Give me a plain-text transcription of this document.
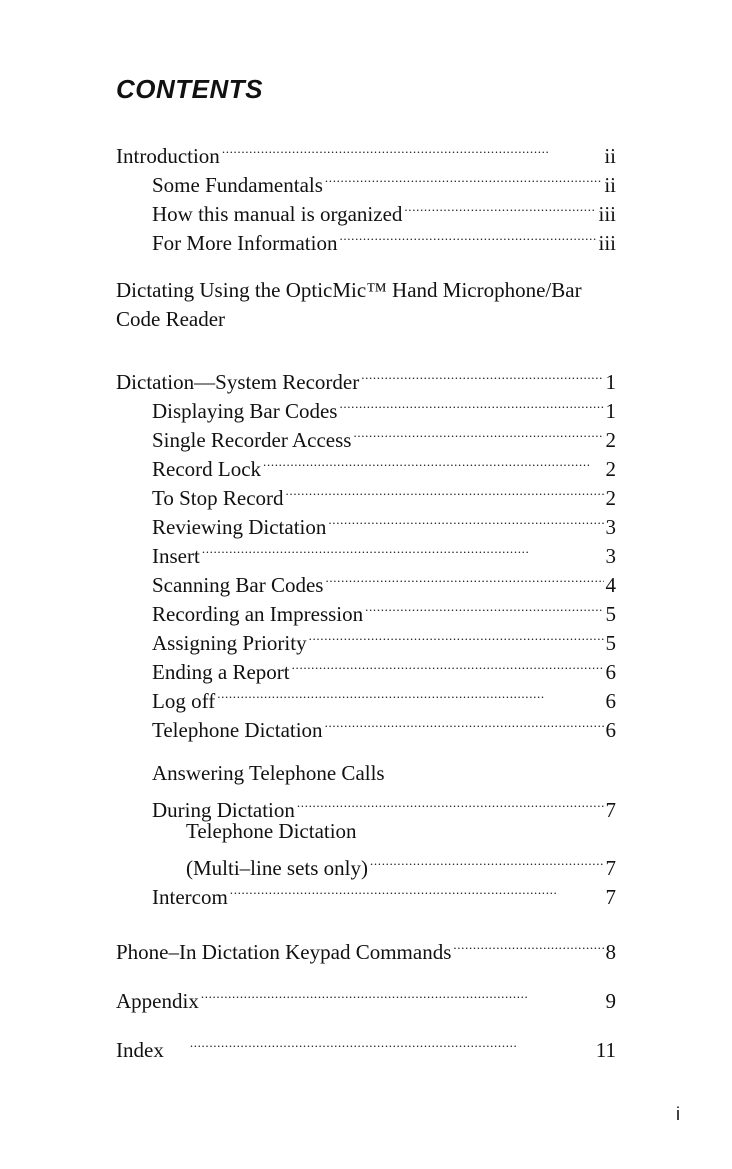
CONTENTS
Introduction . . .	ii
Some Fundamentals . . .	ii
How this manual is organized . . .	iii
For More Information . . .	iii
Dictating Using the OpticMic™ Hand Microphone/Bar
Code Reader
Dictation—System Recorder . . .	1
Displaying Bar Codes . . .	1
Single Recorder Access . . .	2
Record Lock . . .	2
To Stop Record . . .	2
Reviewing Dictation . . .	3
Insert . . .	3
Scanning Bar Codes . . .	4
Recording an Impression . . .	5
Assigning Priority . . .	5
Ending a Report . . .	6
Log off . . .	6
Telephone Dictation . . .	6
Answering Telephone Calls
During Dictation . . .	7
Telephone Dictation
(Multi–line sets only) . . .	7
Intercom . . .	7
Phone–In Dictation Keypad Commands . . .	8
Appendix . . .	9
Index . . .	11
i
